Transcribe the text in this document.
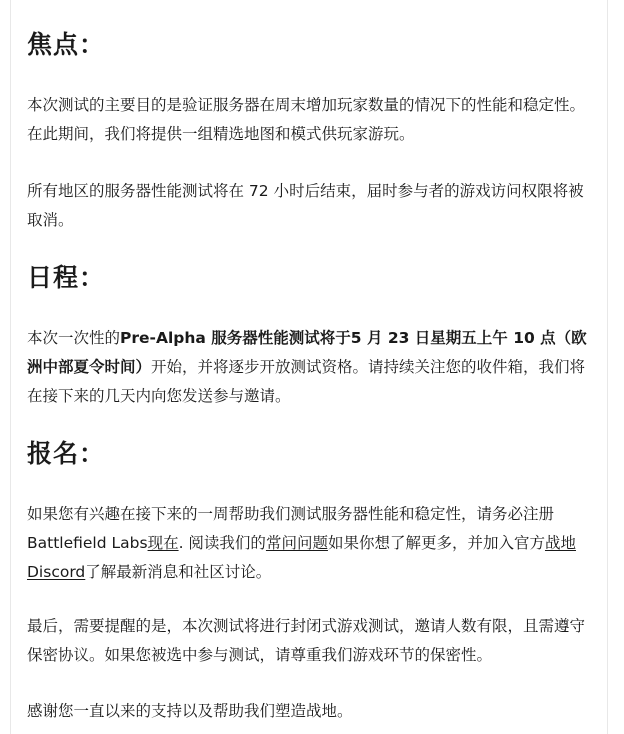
焦点：

本次测试的主要目的是验证服务器在周末增加玩家数量的情况下的性能和稳定性。在此期间，我们将提供一组精选地图和模式供玩家游玩。

所有地区的服务器性能测试将在 72 小时后结束，届时参与者的游戏访问权限将被取消。

日程：

本次一次性的Pre-Alpha 服务器性能测试将于5 月 23 日星期五上午 10 点（欧洲中部夏令时间）开始，并将逐步开放测试资格。请持续关注您的收件箱，我们将在接下来的几天内向您发送参与邀请。

报名：

如果您有兴趣在接下来的一周帮助我们测试服务器性能和稳定性，请务必注册 Battlefield Labs现在. 阅读我们的常问问题如果你想了解更多，并加入官方战地 Discord了解最新消息和社区讨论。

最后，需要提醒的是，本次测试将进行封闭式游戏测试，邀请人数有限，且需遵守保密协议。如果您被选中参与测试，请尊重我们游戏环节的保密性。

感谢您一直以来的支持以及帮助我们塑造战地。
